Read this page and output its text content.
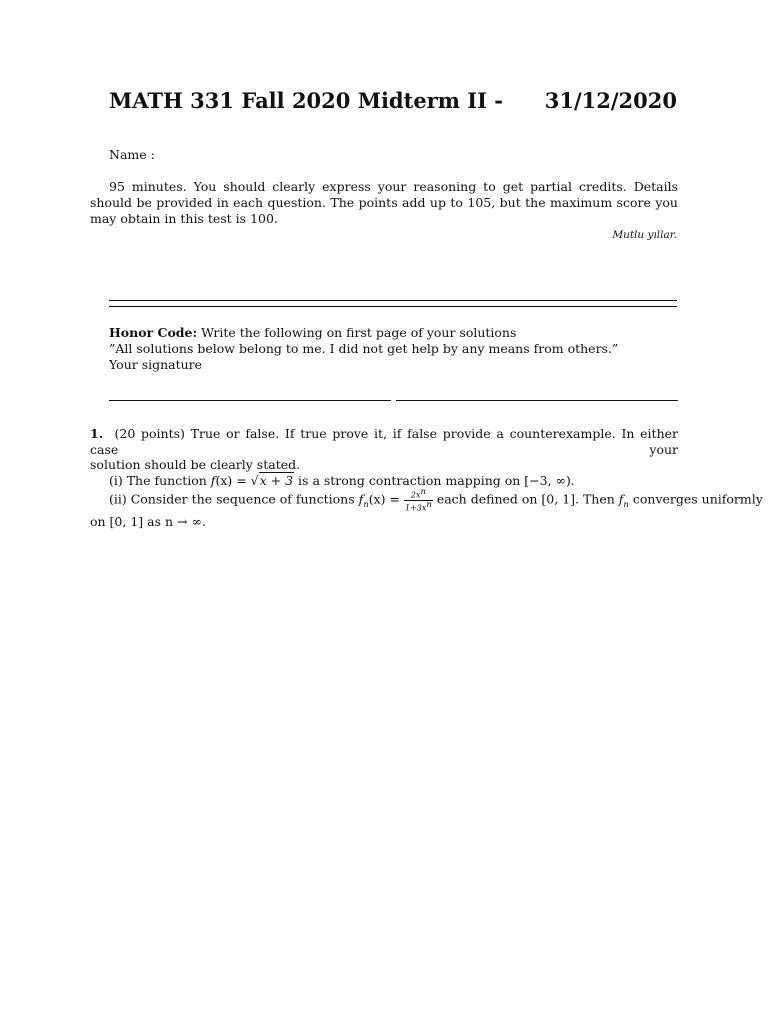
MATH 331 Fall 2020 Midterm II - 31/12/2020
Name :

95 minutes. You should clearly express your reasoning to get partial credits. Details should be provided in each question. The points add up to 105, but the maximum score you may obtain in this test is 100.

Mutlu yıllar.
Honor Code: Write the following on first page of your solutions
”All solutions below belong to me. I did not get help by any means from others.”
Your signature
1. (20 points) True or false. If true prove it, if false provide a counterexample. In either case your
solution should be clearly stated.
(i) The function f(x) = √x + 3 is a strong contraction mapping on [−3, ∞).
(ii) Consider the sequence of functions $f_n(x) = \frac{2x^n}{1+3x^n}$ each defined on [0, 1]. Then $f_n$ converges uniformly
on [0, 1] as n → ∞.
